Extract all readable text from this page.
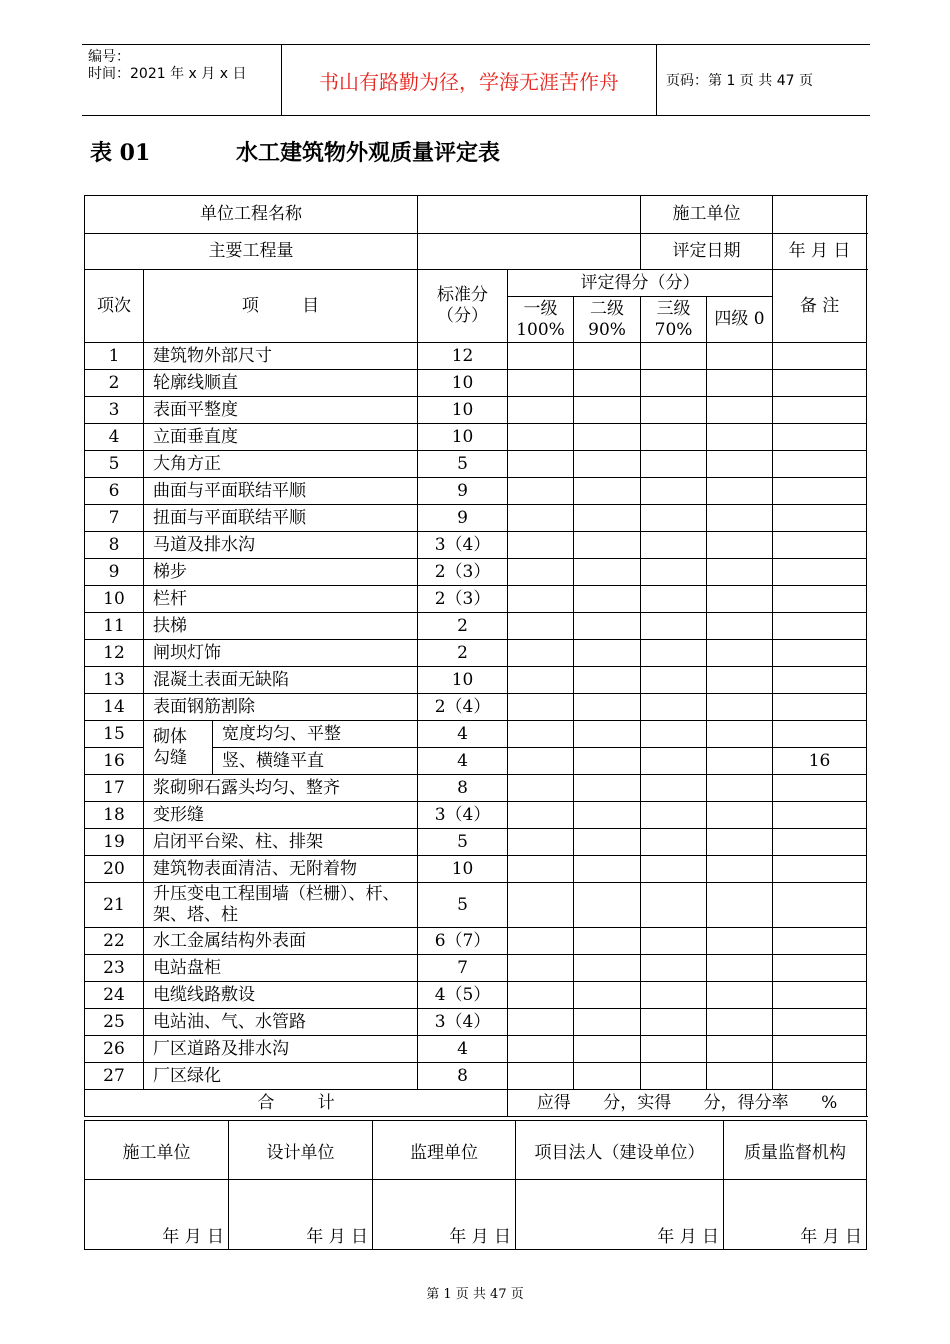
编号：
时间：2021 年 x 月 x 日	书山有路勤为径，学海无涯苦作舟	页码：第 1 页 共 47 页
表 01	水工建筑物外观质量评定表
单位工程名称						施工单位		
主要工程量						评定日期		年 月 日
项次	项        目		标准分（分）	评定得分（分）				备 注
				一级 100%	二级 90%	三级 70%	四级 0	
1	建筑物外部尺寸		12					
2	轮廓线顺直		10					
3	表面平整度		10					
4	立面垂直度		10					
5	大角方正		5					
6	曲面与平面联结平顺		9					
7	扭面与平面联结平顺		9					
8	马道及排水沟		3（4）					
9	梯步		2（3）					
10	栏杆		2（3）					
11	扶梯		2					
12	闸坝灯饰		2					
13	混凝土表面无缺陷		10					
14	表面钢筋割除		2（4）					
15	砌体勾缝	宽度均匀、平整	4					
16		竖、横缝平直	4					16
17	浆砌卵石露头均匀、整齐		8					
18	变形缝		3（4）					
19	启闭平台梁、柱、排架		5					
20	建筑物表面清洁、无附着物		10					
21	升压变电工程围墙（栏栅）、杆、架、塔、柱		5					
22	水工金属结构外表面		6（7）					
23	电站盘柜		7					
24	电缆线路敷设		4（5）					
25	电站油、气、水管路		3（4）					
26	厂区道路及排水沟		4					
27	厂区绿化		8					
合        计				应得      分，实得      分，得分率      %				
施工单位	设计单位	监理单位	项目法人（建设单位）	质量监督机构
年 月 日	年 月 日	年 月 日	年 月 日	年 月 日
第 1 页 共 47 页
